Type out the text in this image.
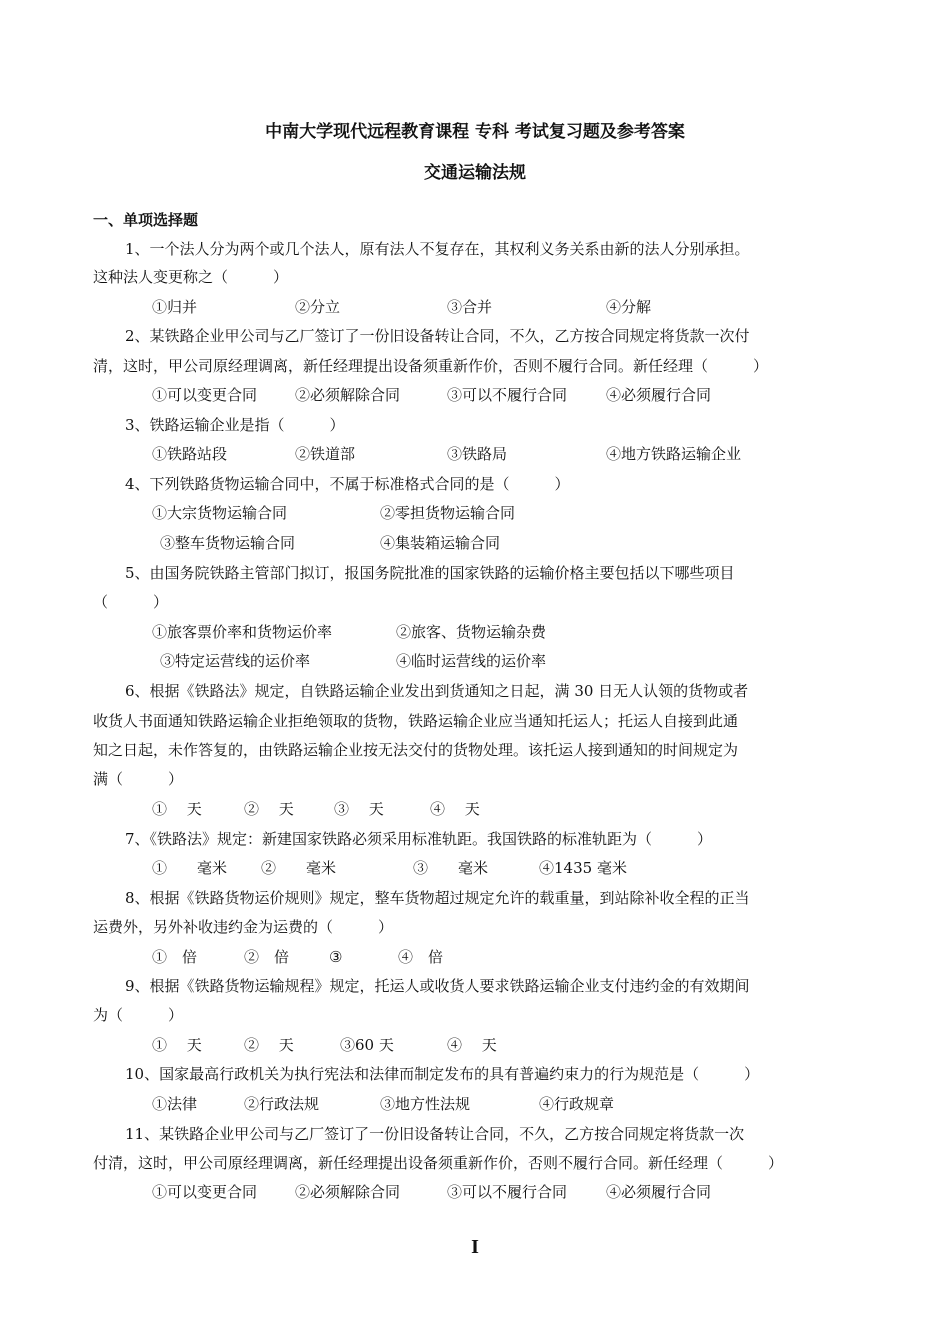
中南大学现代远程教育课程 专科 考试复习题及参考答案
交通运输法规
一、单项选择题
1、一个法人分为两个或几个法人，原有法人不复存在，其权利义务关系由新的法人分别承担。
这种法人变更称之（　　　）
①归并	②分立	③合并	④分解
2、某铁路企业甲公司与乙厂签订了一份旧设备转让合同，不久，乙方按合同规定将货款一次付
清，这时，甲公司原经理调离，新任经理提出设备须重新作价，否则不履行合同。新任经理（　　　）
①可以变更合同	②必须解除合同	③可以不履行合同	④必须履行合同
3、铁路运输企业是指（　　　）
①铁路站段	②铁道部	③铁路局	④地方铁路运输企业
4、下列铁路货物运输合同中，不属于标准格式合同的是（　　　）
①大宗货物运输合同	②零担货物运输合同
③整车货物运输合同	④集装箱运输合同
5、由国务院铁路主管部门拟订，报国务院批准的国家铁路的运输价格主要包括以下哪些项目
（　　　）
①旅客票价率和货物运价率	②旅客、货物运输杂费
③特定运营线的运价率	④临时运营线的运价率
6、根据《铁路法》规定，自铁路运输企业发出到货通知之日起，满 30 日无人认领的货物或者
收货人书面通知铁路运输企业拒绝领取的货物，铁路运输企业应当通知托运人；托运人自接到此通
知之日起，未作答复的，由铁路运输企业按无法交付的货物处理。该托运人接到通知的时间规定为
满（　　　）
①　 天	②　 天	③　 天	④　 天
7、《铁路法》规定：新建国家铁路必须采用标准轨距。我国铁路的标准轨距为（　　　）
①　　毫米 ②　　毫米	③　　毫米	④1435 毫米
8、根据《铁路货物运价规则》规定，整车货物超过规定允许的载重量，到站除补收全程的正当
运费外，另外补收违约金为运费的（　　　）
①　倍	②　倍	③	④　倍
9、根据《铁路货物运输规程》规定，托运人或收货人要求铁路运输企业支付违约金的有效期间
为（　　　）
①　 天	②　 天	③60 天	④　 天
10、国家最高行政机关为执行宪法和法律而制定发布的具有普遍约束力的行为规范是（　　　）
①法律	②行政法规	③地方性法规	④行政规章
11、某铁路企业甲公司与乙厂签订了一份旧设备转让合同，不久，乙方按合同规定将货款一次
付清，这时，甲公司原经理调离，新任经理提出设备须重新作价，否则不履行合同。新任经理（　　　）
①可以变更合同	②必须解除合同	③可以不履行合同	④必须履行合同
I
